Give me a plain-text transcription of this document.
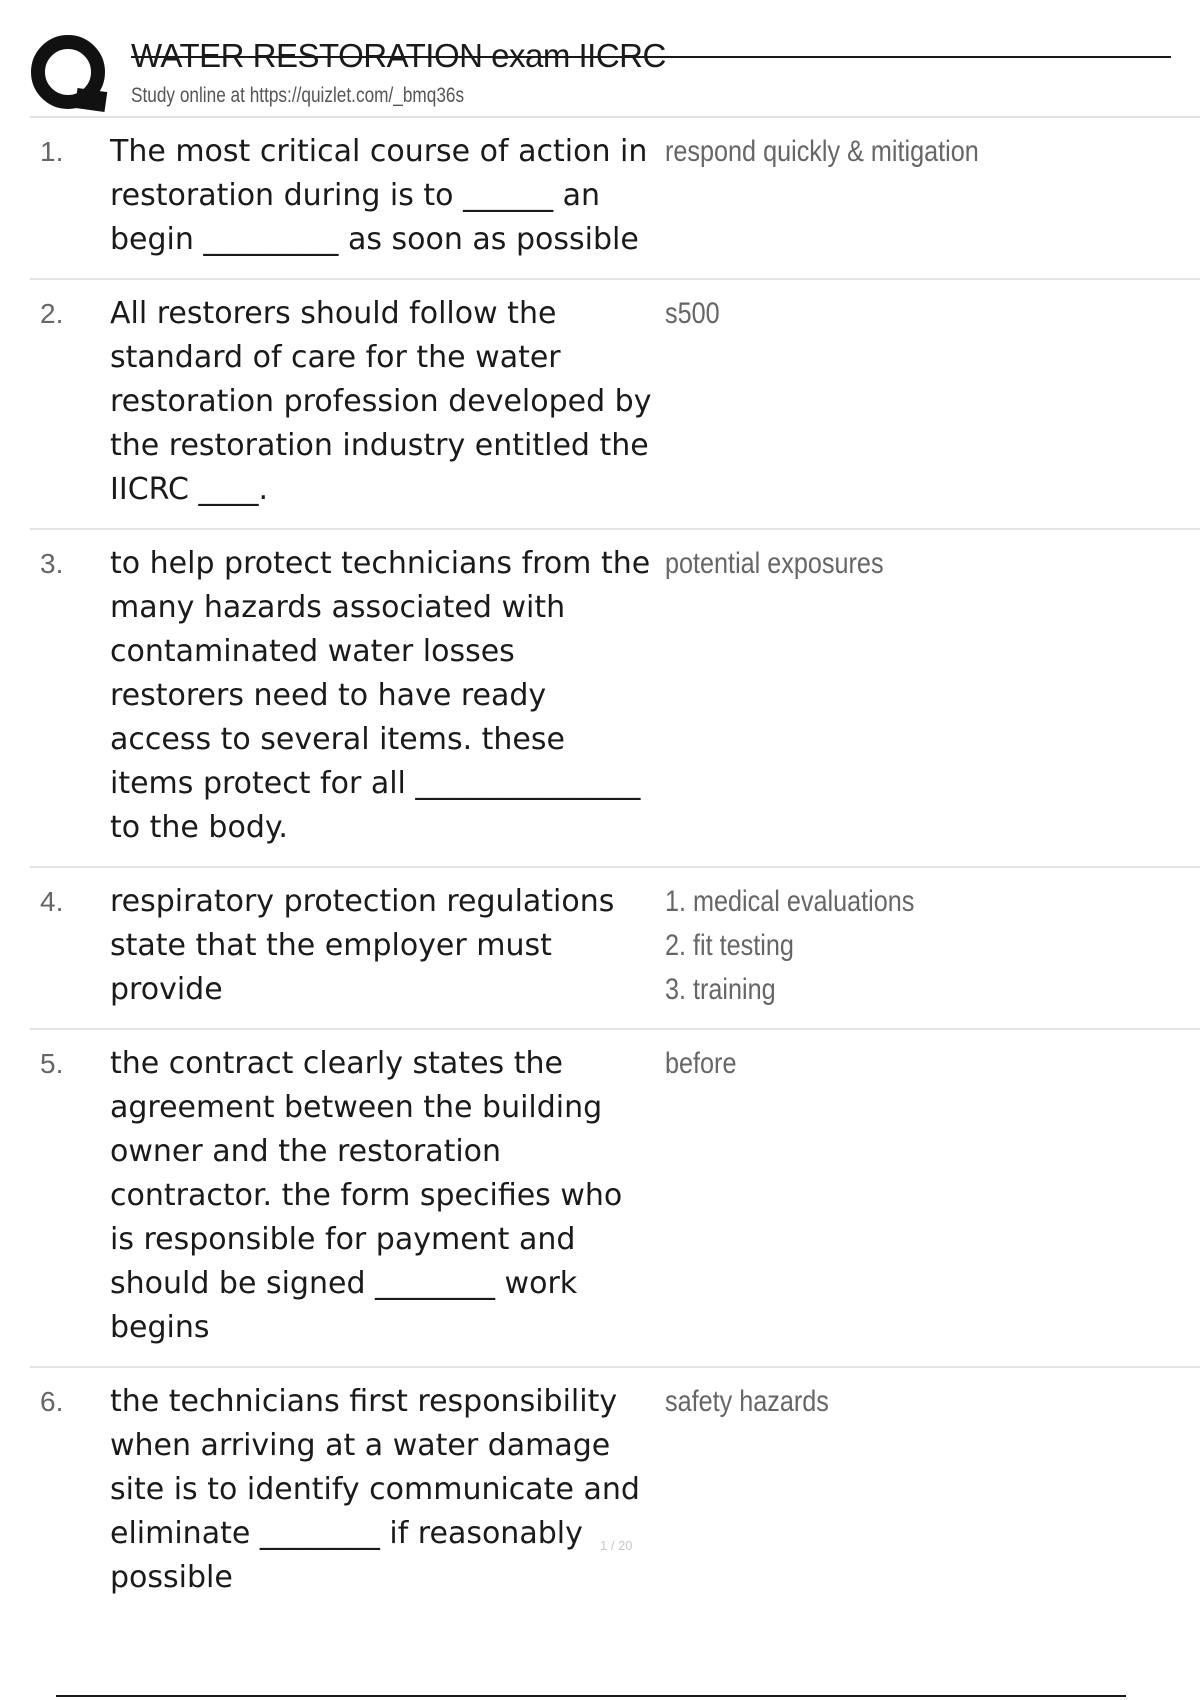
WATER RESTORATION exam IICRC
Study online at https://quizlet.com/_bmq36s
1.	The most critical course of action in restoration during is to ______ an begin _________ as soon as possible
respond quickly & mitigation
2.	All restorers should follow the standard of care for the water restoration profession developed by the restoration industry entitled the IICRC ____.
s500
3.	to help protect technicians from the many hazards associated with contaminated water losses restorers need to have ready access to several items. these items protect for all _______________ to the body.
potential exposures
4.	respiratory protection regulations state that the employer must provide
1. medical evaluations
2. fit testing
3. training
5.	the contract clearly states the agreement between the building owner and the restoration contractor. the form specifies who is responsible for payment and should be signed ________ work begins
before
6.	the technicians first responsibility when arriving at a water damage site is to identify communicate and eliminate ________ if reasonably possible
safety hazards
1 / 20
